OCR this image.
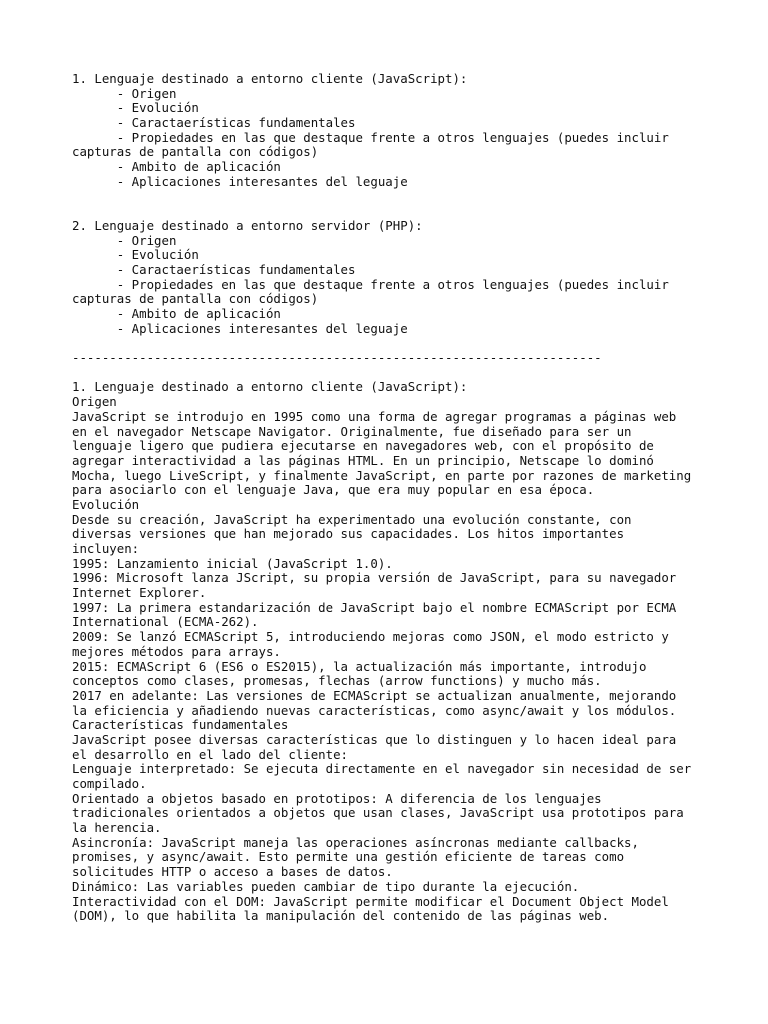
1. Lenguaje destinado a entorno cliente (JavaScript):
- Origen
- Evolución
- Caractaerísticas fundamentales
- Propiedades en las que destaque frente a otros lenguajes (puedes incluir
capturas de pantalla con códigos)
- Ambito de aplicación
- Aplicaciones interesantes del leguaje
2. Lenguaje destinado a entorno servidor (PHP):
- Origen
- Evolución
- Caractaerísticas fundamentales
- Propiedades en las que destaque frente a otros lenguajes (puedes incluir
capturas de pantalla con códigos)
- Ambito de aplicación
- Aplicaciones interesantes del leguaje
-----------------------------------------------------------------------
1. Lenguaje destinado a entorno cliente (JavaScript):
Origen
JavaScript se introdujo en 1995 como una forma de agregar programas a páginas web
en el navegador Netscape Navigator. Originalmente, fue diseñado para ser un
lenguaje ligero que pudiera ejecutarse en navegadores web, con el propósito de
agregar interactividad a las páginas HTML. En un principio, Netscape lo dominó
Mocha, luego LiveScript, y finalmente JavaScript, en parte por razones de marketing
para asociarlo con el lenguaje Java, que era muy popular en esa época.
Evolución
Desde su creación, JavaScript ha experimentado una evolución constante, con
diversas versiones que han mejorado sus capacidades. Los hitos importantes
incluyen:
1995: Lanzamiento inicial (JavaScript 1.0).
1996: Microsoft lanza JScript, su propia versión de JavaScript, para su navegador
Internet Explorer.
1997: La primera estandarización de JavaScript bajo el nombre ECMAScript por ECMA
International (ECMA-262).
2009: Se lanzó ECMAScript 5, introduciendo mejoras como JSON, el modo estricto y
mejores métodos para arrays.
2015: ECMAScript 6 (ES6 o ES2015), la actualización más importante, introdujo
conceptos como clases, promesas, flechas (arrow functions) y mucho más.
2017 en adelante: Las versiones de ECMAScript se actualizan anualmente, mejorando
la eficiencia y añadiendo nuevas características, como async/await y los módulos.
Características fundamentales
JavaScript posee diversas características que lo distinguen y lo hacen ideal para
el desarrollo en el lado del cliente:
Lenguaje interpretado: Se ejecuta directamente en el navegador sin necesidad de ser
compilado.
Orientado a objetos basado en prototipos: A diferencia de los lenguajes
tradicionales orientados a objetos que usan clases, JavaScript usa prototipos para
la herencia.
Asincronía: JavaScript maneja las operaciones asíncronas mediante callbacks,
promises, y async/await. Esto permite una gestión eficiente de tareas como
solicitudes HTTP o acceso a bases de datos.
Dinámico: Las variables pueden cambiar de tipo durante la ejecución.
Interactividad con el DOM: JavaScript permite modificar el Document Object Model
(DOM), lo que habilita la manipulación del contenido de las páginas web.
